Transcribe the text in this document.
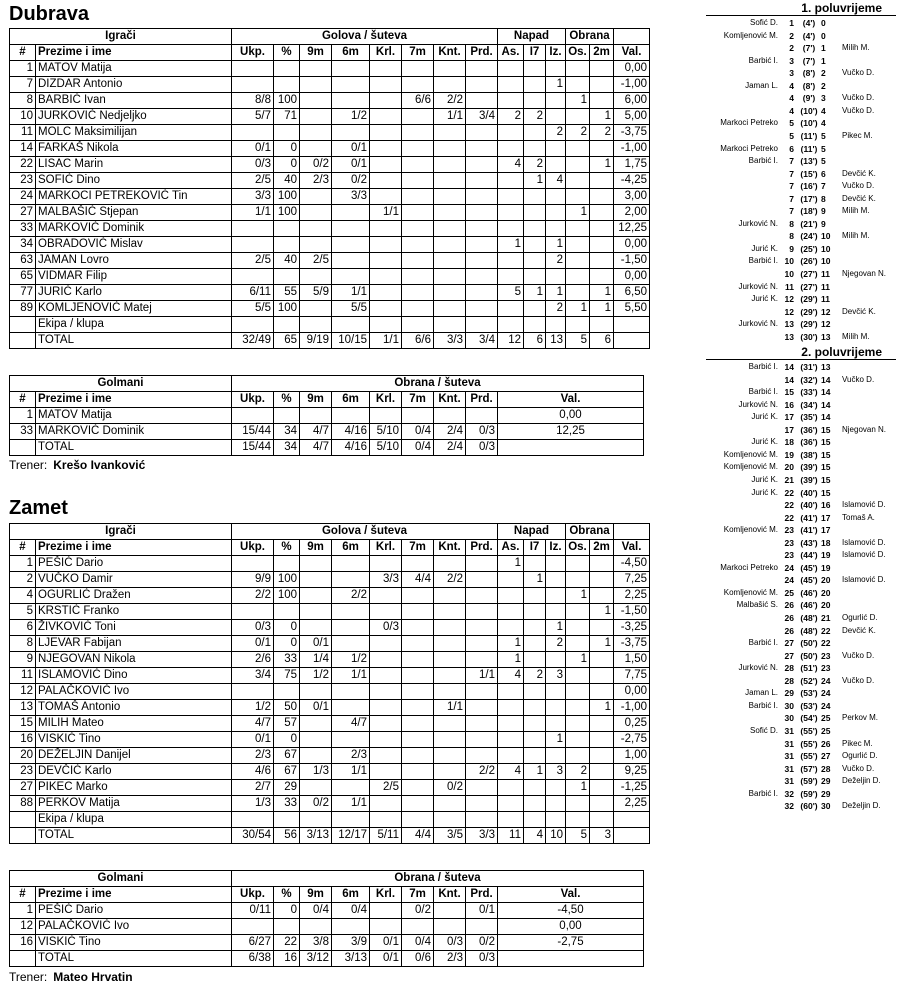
Dubrava
Igrači		Golova / šuteva								Napad			Obrana		
#	Prezime i ime	Ukp.	%	9m	6m	Krl.	7m	Knt.	Prd.	As.	I7	Iz.	Os.	2m	Val.
1	MATOV Matija														0,00
7	DIZDAR Antonio											1			-1,00
8	BARBIĆ Ivan	8/8	100				6/6	2/2					1		6,00
10	JURKOVIĆ Nedjeljko	5/7	71		1/2			1/1	3/4	2	2			1	5,00
11	MOLC Maksimilijan											2	2	2	-3,75
14	FARKAŠ Nikola	0/1	0		0/1										-1,00
22	LISAC Marin	0/3	0	0/2	0/1					4	2			1	1,75
23	SOFIĆ Dino	2/5	40	2/3	0/2						1	4			-4,25
24	MARKOCI PETREKOVIĆ Tin	3/3	100		3/3										3,00
27	MALBAŠIĆ Stjepan	1/1	100			1/1							1		2,00
33	MARKOVIĆ Dominik														12,25
34	OBRADOVIĆ Mislav									1		1			0,00
63	JAMAN Lovro	2/5	40	2/5								2			-1,50
65	VIDMAR Filip														0,00
77	JURIĆ Karlo	6/11	55	5/9	1/1					5	1	1		1	6,50
89	KOMLJENOVIĆ Matej	5/5	100		5/5							2	1	1	5,50
	Ekipa / klupa														
	TOTAL	32/49	65	9/19	10/15	1/1	6/6	3/3	3/4	12	6	13	5	6	
Golmani		Obrana / šuteva								
#	Prezime i ime	Ukp.	%	9m	6m	Krl.	7m	Knt.	Prd.	Val.
1	MATOV Matija									0,00
33	MARKOVIĆ Dominik	15/44	34	4/7	4/16	5/10	0/4	2/4	0/3	12,25
	TOTAL	15/44	34	4/7	4/16	5/10	0/4	2/4	0/3	
Trener: Krešo Ivanković
Zamet
Igrači		Golova / šuteva								Napad			Obrana		
#	Prezime i ime	Ukp.	%	9m	6m	Krl.	7m	Knt.	Prd.	As.	I7	Iz.	Os.	2m	Val.
1	PEŠIĆ Dario									1					-4,50
2	VUČKO Damir	9/9	100			3/3	4/4	2/2			1				7,25
4	OGURLIĆ Dražen	2/2	100		2/2								1		2,25
5	KRSTIĆ Franko													1	-1,50
6	ŽIVKOVIĆ Toni	0/3	0			0/3						1			-3,25
8	LJEVAR Fabijan	0/1	0	0/1						1		2		1	-3,75
9	NJEGOVAN Nikola	2/6	33	1/4	1/2					1			1		1,50
11	ISLAMOVIĆ Dino	3/4	75	1/2	1/1				1/1	4	2	3			7,75
12	PALAČKOVIĆ Ivo														0,00
13	TOMAŠ Antonio	1/2	50	0/1				1/1						1	-1,00
15	MILIH Mateo	4/7	57		4/7										0,25
16	VISKIĆ Tino	0/1	0									1			-2,75
20	DEŽELJIN Danijel	2/3	67		2/3										1,00
23	DEVČIĆ Karlo	4/6	67	1/3	1/1				2/2	4	1	3	2		9,25
27	PIKEC Marko	2/7	29			2/5		0/2					1		-1,25
88	PERKOV Matija	1/3	33	0/2	1/1										2,25
	Ekipa / klupa														
	TOTAL	30/54	56	3/13	12/17	5/11	4/4	3/5	3/3	11	4	10	5	3	
Golmani		Obrana / šuteva								
#	Prezime i ime	Ukp.	%	9m	6m	Krl.	7m	Knt.	Prd.	Val.
1	PEŠIĆ Dario	0/11	0	0/4	0/4		0/2		0/1	-4,50
12	PALAČKOVIĆ Ivo									0,00
16	VISKIĆ Tino	6/27	22	3/8	3/9	0/1	0/4	0/3	0/2	-2,75
	TOTAL	6/38	16	3/12	3/13	0/1	0/6	2/3	0/3	
Trener: Mateo Hrvatin
1. poluvrijeme
2. poluvrijeme
Sofić D.	1	(4') 0
Komljenović M.	2	(4') 0
2	(7') 1	Milih M.
Barbić I.	3	(7') 1
3	(8') 2	Vučko D.
Jaman L.	4	(8') 2
4	(9') 3	Vučko D.
4 (10') 4	Vučko D.
Markoci Petreko	5 (10') 4
5 (11') 5	Pikec M.
Markoci Petreko	6 (11') 5
Barbić I.	7 (13') 5
7 (15') 6	Devčić K.
7 (16') 7	Vučko D.
7 (17') 8	Devčić K.
7 (18') 9	Milih M.
Jurković N.	8 (21') 9
8 (24') 10	Milih M.
Jurić K.	9 (25') 10
Barbić I. 10 (26') 10
10 (27') 11	Njegovan N.
Jurković N. 11 (27') 11
Jurić K. 12 (29') 11
12 (29') 12	Devčić K.
Jurković N. 13 (29') 12
13 (30') 13	Milih M.
Barbić I. 14 (31') 13
14 (32') 14	Vučko D.
Barbić I. 15 (33') 14
Jurković N. 16 (34') 14
Jurić K. 17 (35') 14
17 (36') 15	Njegovan N.
Jurić K. 18 (36') 15
Komljenović M. 19 (38') 15
Komljenović M. 20 (39') 15
Jurić K. 21 (39') 15
Jurić K. 22 (40') 15
22 (40') 16	Islamović D.
22 (41') 17	Tomaš A.
Komljenović M. 23 (41') 17
23 (43') 18	Islamović D.
23 (44') 19	Islamović D.
Markoci Petreko 24 (45') 19
24 (45') 20	Islamović D.
Komljenović M. 25 (46') 20
Malbašić S. 26 (46') 20
26 (48') 21	Ogurlić D.
26 (48') 22	Devčić K.
Barbić I. 27 (50') 22
27 (50') 23	Vučko D.
Jurković N. 28 (51') 23
28 (52') 24	Vučko D.
Jaman L. 29 (53') 24
Barbić I. 30 (53') 24
30 (54') 25	Perkov M.
Sofić D. 31 (55') 25
31 (55') 26	Pikec M.
31 (55') 27	Ogurlić D.
31 (57') 28	Vučko D.
31 (59') 29	Deželjin D.
Barbić I. 32 (59') 29
32 (60') 30	Deželjin D.
